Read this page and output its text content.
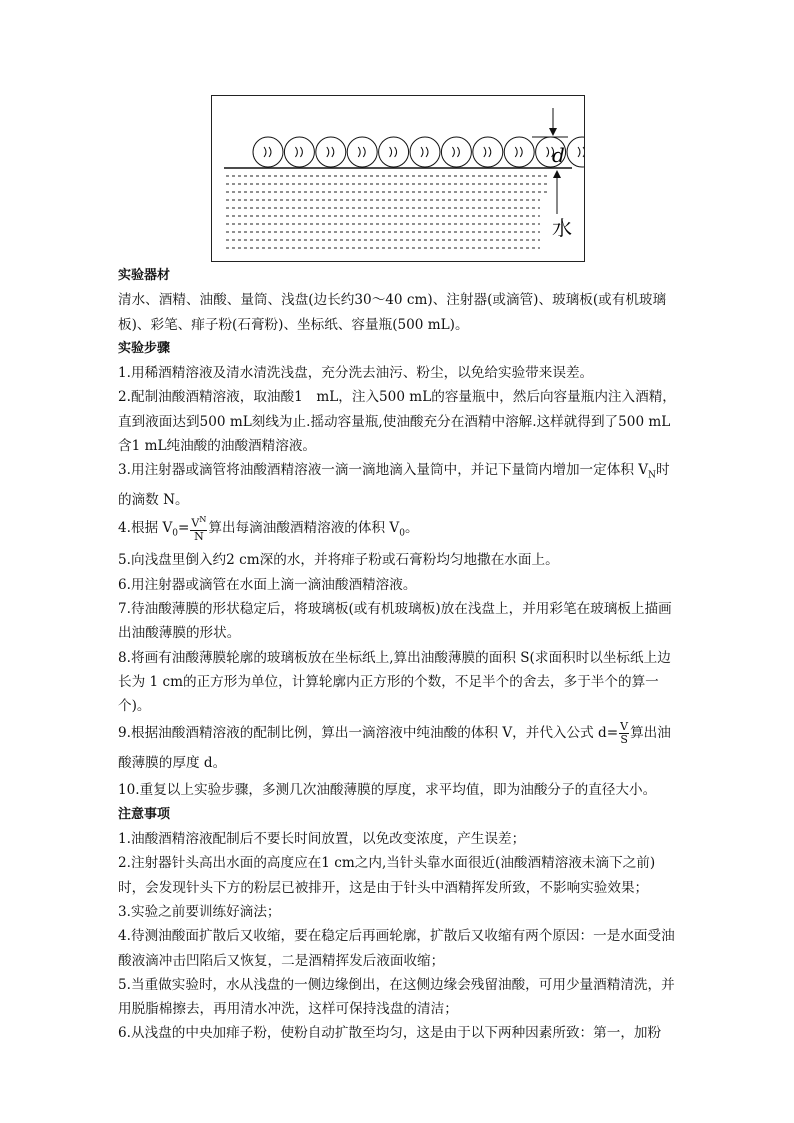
d
水

实验器材

清水、酒精、油酸、量筒、浅盘(边长约30～40 cm)、注射器(或滴管)、玻璃板(或有机玻璃板)、彩笔、痱子粉(石膏粉)、坐标纸、容量瓶(500 mL)。

实验步骤

1.用稀酒精溶液及清水清洗浅盘，充分洗去油污、粉尘，以免给实验带来误差。

2.配制油酸酒精溶液，取油酸1　mL，注入500 mL的容量瓶中，然后向容量瓶内注入酒精，直到液面达到500 mL刻线为止.摇动容量瓶,使油酸充分在酒精中溶解.这样就得到了500 mL含1 mL纯油酸的油酸酒精溶液。

3.用注射器或滴管将油酸酒精溶液一滴一滴地滴入量筒中，并记下量筒内增加一定体积 $V_N$时的滴数 N。

4.根据 $V_0= \frac{V^N}{N}$ 算出每滴油酸酒精溶液的体积 $V_0$。

5.向浅盘里倒入约2 cm深的水，并将痱子粉或石膏粉均匀地撒在水面上。

6.用注射器或滴管在水面上滴一滴油酸酒精溶液。

7.待油酸薄膜的形状稳定后，将玻璃板(或有机玻璃板)放在浅盘上，并用彩笔在玻璃板上描画出油酸薄膜的形状。

8.将画有油酸薄膜轮廓的玻璃板放在坐标纸上,算出油酸薄膜的面积 S(求面积时以坐标纸上边长为 1 cm的正方形为单位，计算轮廓内正方形的个数，不足半个的舍去，多于半个的算一个)。

9.根据油酸酒精溶液的配制比例，算出一滴溶液中纯油酸的体积 V，并代入公式 $d= \frac{V}{S}$ 算出油酸薄膜的厚度 d。

10.重复以上实验步骤，多测几次油酸薄膜的厚度，求平均值，即为油酸分子的直径大小。

注意事项

1.油酸酒精溶液配制后不要长时间放置，以免改变浓度，产生误差；

2.注射器针头高出水面的高度应在1 cm之内,当针头靠水面很近(油酸酒精溶液未滴下之前)时，会发现针头下方的粉层已被排开，这是由于针头中酒精挥发所致，不影响实验效果；

3.实验之前要训练好滴法；

4.待测油酸面扩散后又收缩，要在稳定后再画轮廓，扩散后又收缩有两个原因：一是水面受油酸液滴冲击凹陷后又恢复，二是酒精挥发后液面收缩；

5.当重做实验时，水从浅盘的一侧边缘倒出，在这侧边缘会残留油酸，可用少量酒精清洗，并用脱脂棉擦去，再用清水冲洗，这样可保持浅盘的清洁；

6.从浅盘的中央加痱子粉，使粉自动扩散至均匀，这是由于以下两种因素所致：第一，加粉
